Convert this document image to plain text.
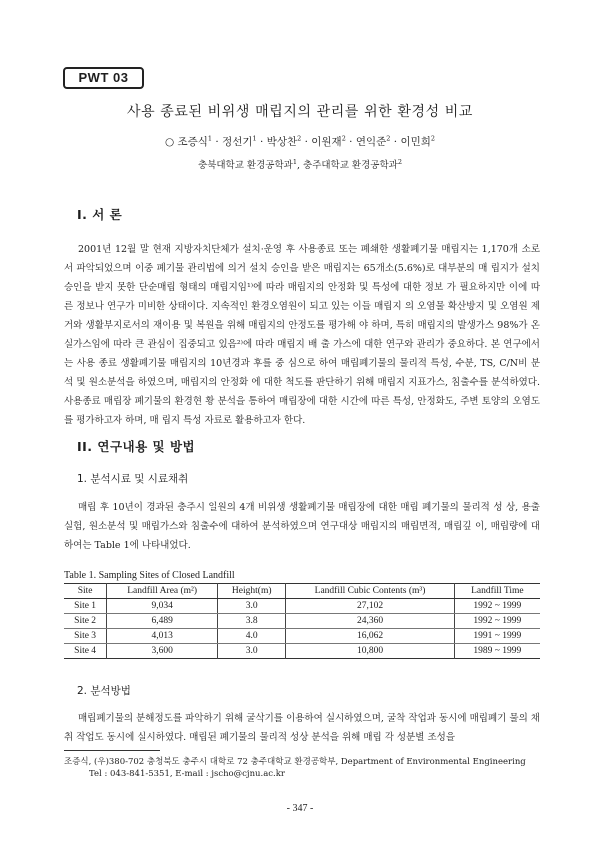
PWT 03
사용 종료된 비위생 매립지의 관리를 위한 환경성 비교
○ 조증식$^1$ · 정선기$^1$ · 박상찬$^2$ · 이원재$^2$ · 연익준$^2$ · 이민희$^2$
충북대학교 환경공학과$^1$, 충주대학교 환경공학과$^2$
I. 서 론
2001년 12월 말 현재 지방자치단체가 설치·운영 후 사용종료 또는 폐쇄한 생활폐기물 매립지는 1,170개 소로서 파악되었으며 이중 폐기물 관리법에 의거 설치 승인을 받은 매립지는 65개소(5.6%)로 대부분의 매 립지가 설치 승인을 받지 못한 단순매립 형태의 매립지임¹⁾에 따라 매립지의 안정화 및 특성에 대한 정보 가 필요하지만 이에 따른 정보나 연구가 미비한 상태이다. 지속적인 환경오염원이 되고 있는 이들 매립지 의 오염물 확산방지 및 오염원 제거와 생활부지로서의 재이용 및 복원을 위해 매립지의 안정도를 평가해 야 하며, 특히 매립지의 발생가스 98%가 온실가스임에 따라 큰 관심이 집중되고 있음²⁾에 따라 매립지 배 출 가스에 대한 연구와 관리가 중요하다. 본 연구에서는 사용 종료 생활폐기물 매립지의 10년경과 후를 중 심으로 하여 매립폐기물의 물리적 특성, 수분, TS, C/N비 분석 및 원소분석을 하였으며, 매립지의 안정화 에 대한 척도를 판단하기 위해 매립지 지표가스, 침출수를 분석하였다. 사용종료 매립장 폐기물의 환경현 황 분석을 통하여 매립장에 대한 시간에 따른 특성, 안정화도, 주변 토양의 오염도를 평가하고자 하며, 매 립지 특성 자료로 활용하고자 한다.
II. 연구내용 및 방법
1. 분석시료 및 시료채취
매립 후 10년이 경과된 충주시 일원의 4개 비위생 생활폐기물 매립장에 대한 매립 폐기물의 물리적 성 상, 용출실험, 원소분석 및 매립가스와 침출수에 대하여 분석하였으며 연구대상 매립지의 매립면적, 매립깊 이, 매립량에 대하여는 Table 1에 나타내었다.
Table 1. Sampling Sites of Closed Landfill
Site	Landfill Area (m²)	Height(m)	Landfill Cubic Contents (m³)	Landfill Time
Site 1	9,034	3.0	27,102	1992 ~ 1999
Site 2	6,489	3.8	24,360	1992 ~ 1999
Site 3	4,013	4.0	16,062	1991 ~ 1999
Site 4	3,600	3.0	10,800	1989 ~ 1999
2. 분석방법
매립폐기물의 분해정도를 파악하기 위해 굴삭기를 이용하여 실시하였으며, 굴착 작업과 동시에 매립폐기 물의 채취 작업도 동시에 실시하였다. 매립된 폐기물의 물리적 성상 분석을 위해 매립 각 성분별 조성을
조증식, (우)380-702 충청북도 충주시 대학로 72 충주대학교 환경공학부, Department of Environmental Engineering
Tel : 043-841-5351, E-mail : jscho@cjnu.ac.kr
- 347 -
